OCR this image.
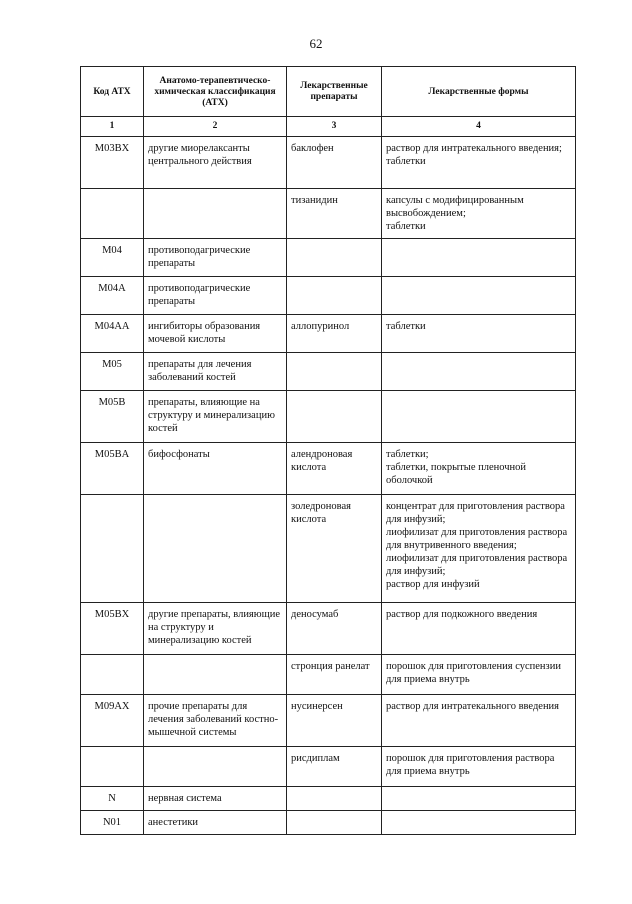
62
Код АТХ	Анатомо-терапевтическо-химическая классификация (АТХ)	Лекарственные препараты	Лекарственные формы
1	2	3	4
M03BX	другие миорелаксанты центрального действия	баклофен	раствор для интратекального введения;
таблетки
		тизанидин	капсулы с модифицированным высвобождением;
таблетки
M04	противоподагрические препараты		
M04A	противоподагрические препараты		
M04AA	ингибиторы образования мочевой кислоты	аллопуринол	таблетки
M05	препараты для лечения заболеваний костей		
M05B	препараты, влияющие на структуру и минерализацию костей		
M05BA	бифосфонаты	алендроновая кислота	таблетки;
таблетки, покрытые пленочной оболочкой
		золедроновая кислота	концентрат для приготовления раствора для инфузий;
лиофилизат для приготовления раствора для внутривенного введения;
лиофилизат для приготовления раствора для инфузий;
раствор для инфузий
M05BX	другие препараты, влияющие на структуру и минерализацию костей	деносумаб	раствор для подкожного введения
		стронция ранелат	порошок для приготовления суспензии для приема внутрь
M09AX	прочие препараты для лечения заболеваний костно-мышечной системы	нусинерсен	раствор для интратекального введения
		рисдиплам	порошок для приготовления раствора для приема внутрь
N	нервная система		
N01	анестетики		
